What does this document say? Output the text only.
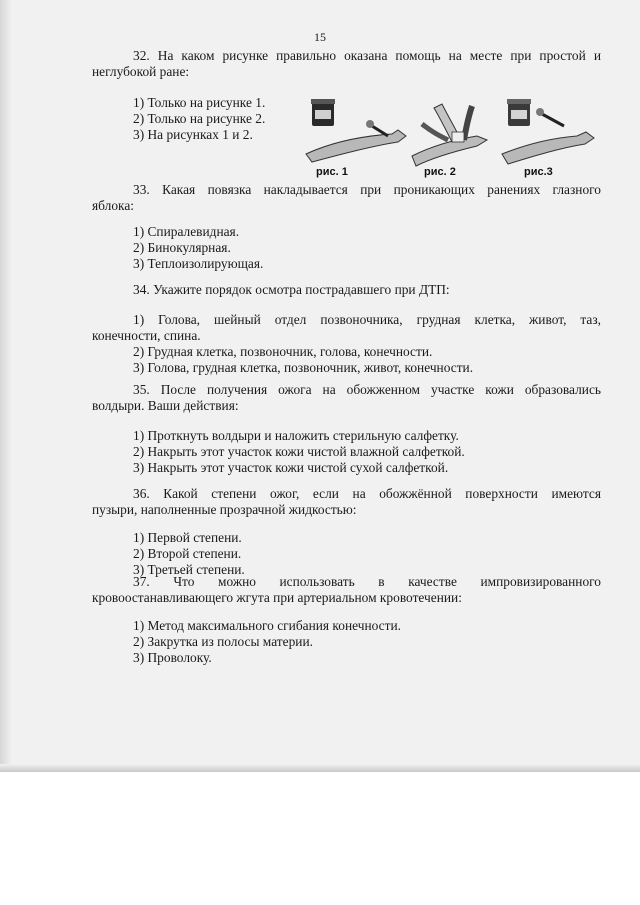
15
32. На каком рисунке правильно оказана помощь на месте при простой и
неглубокой ране:
1) Только на рисунке 1.
2) Только на рисунке 2.
3) На рисунках 1 и 2.
рис. 1	рис. 2	рис.3
33. Какая повязка накладывается при проникающих ранениях глазного
яблока:
1) Спиралевидная.
2) Бинокулярная.
3) Теплоизолирующая.
34. Укажите порядок осмотра пострадавшего при ДТП:
1) Голова, шейный отдел позвоночника, грудная клетка, живот, таз,
конечности, спина.
2) Грудная клетка, позвоночник, голова, конечности.
3) Голова, грудная клетка, позвоночник, живот, конечности.
35. После получения ожога на обожженном участке кожи образовались
волдыри. Ваши действия:
1) Проткнуть волдыри и наложить стерильную салфетку.
2) Накрыть этот участок кожи чистой влажной салфеткой.
3) Накрыть этот участок кожи чистой сухой салфеткой.
36. Какой степени ожог, если на обожжённой поверхности имеются
пузыри, наполненные прозрачной жидкостью:
1) Первой степени.
2) Второй степени.
3) Третьей степени.
37. Что можно использовать в качестве импровизированного
кровоостанавливающего жгута при артериальном кровотечении:
1) Метод максимального сгибания конечности.
2) Закрутка из полосы материи.
3) Проволоку.
